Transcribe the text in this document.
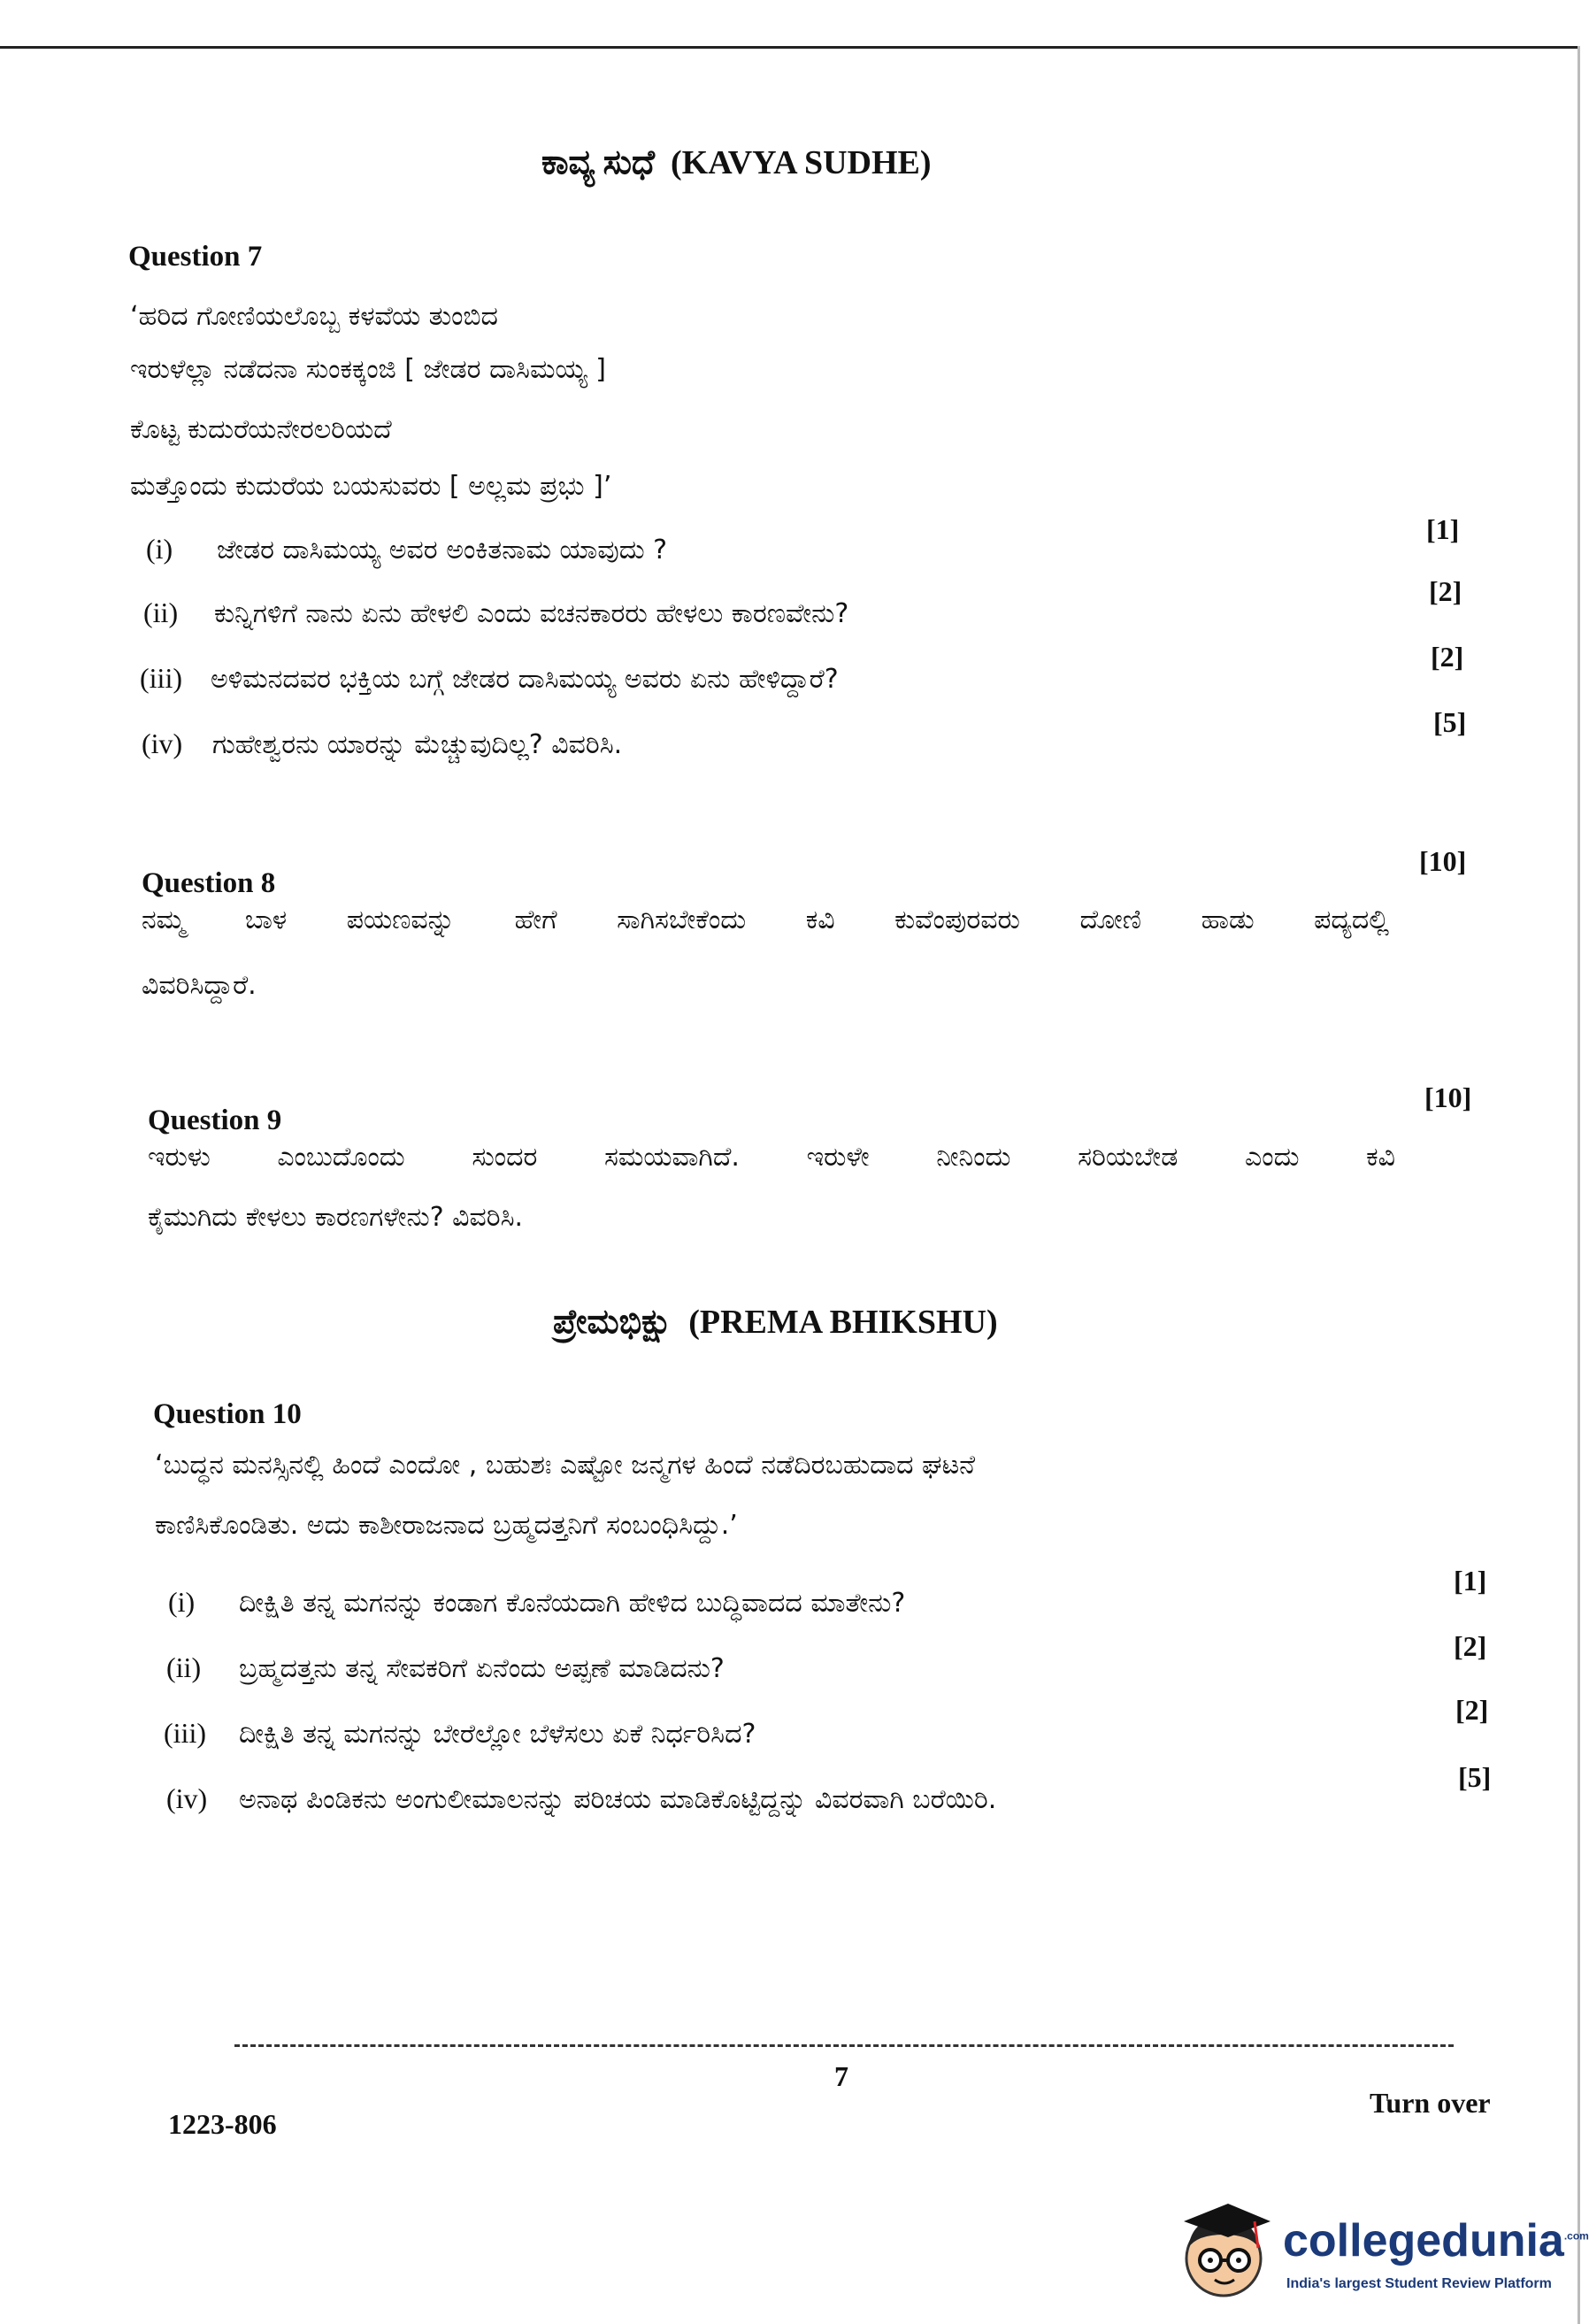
ಕಾವ್ಯ ಸುಧೆ (KAVYA SUDHE)
Question 7
‘ಹರಿದ ಗೋಣಿಯಲೊಬ್ಬ ಕಳವೆಯ ತುಂಬಿದ
ಇರುಳೆಲ್ಲಾ ನಡೆದನಾ ಸುಂಕಕ್ಕಂಜಿ [ ಜೇಡರ ದಾಸಿಮಯ್ಯ ]
ಕೊಟ್ಟ ಕುದುರೆಯನೇರಲರಿಯದೆ
ಮತ್ತೊಂದು ಕುದುರೆಯ ಬಯಸುವರು [ ಅಲ್ಲಮ ಪ್ರಭು ]’
(i) ಜೇಡರ ದಾಸಿಮಯ್ಯ ಅವರ ಅಂಕಿತನಾಮ ಯಾವುದು ?
[1]
(ii) ಕುನ್ನಿಗಳಿಗೆ ನಾನು ಏನು ಹೇಳಲಿ ಎಂದು ವಚನಕಾರರು ಹೇಳಲು ಕಾರಣವೇನು?
[2]
(iii) ಅಳಿಮನದವರ ಭಕ್ತಿಯ ಬಗ್ಗೆ ಜೇಡರ ದಾಸಿಮಯ್ಯ ಅವರು ಏನು ಹೇಳಿದ್ದಾರೆ?
[2]
(iv) ಗುಹೇಶ್ವರನು ಯಾರನ್ನು ಮೆಚ್ಚುವುದಿಲ್ಲ? ವಿವರಿಸಿ.
[5]
[10]
Question 8
ನಮ್ಮ ಬಾಳ ಪಯಣವನ್ನು ಹೇಗೆ ಸಾಗಿಸಬೇಕೆಂದು ಕವಿ ಕುವೆಂಪುರವರು ದೋಣಿ ಹಾಡು ಪದ್ಯದಲ್ಲಿ
ವಿವರಿಸಿದ್ದಾರೆ.
[10]
Question 9
ಇರುಳು ಎಂಬುದೊಂದು ಸುಂದರ ಸಮಯವಾಗಿದೆ. ಇರುಳೇ ನೀನಿಂದು ಸರಿಯಬೇಡ ಎಂದು ಕವಿ
ಕೈಮುಗಿದು ಕೇಳಲು ಕಾರಣಗಳೇನು? ವಿವರಿಸಿ.
ಪ್ರೇಮಭಿಕ್ಷು (PREMA BHIKSHU)
Question 10
‘ಬುದ್ಧನ ಮನಸ್ಸಿನಲ್ಲಿ ಹಿಂದೆ ಎಂದೋ , ಬಹುಶಃ ಎಷ್ಟೋ ಜನ್ಮಗಳ ಹಿಂದೆ ನಡೆದಿರಬಹುದಾದ ಘಟನೆ
ಕಾಣಿಸಿಕೊಂಡಿತು. ಅದು ಕಾಶೀರಾಜನಾದ ಬ್ರಹ್ಮದತ್ತನಿಗೆ ಸಂಬಂಧಿಸಿದ್ದು.’
(i) ದೀಕ್ಷಿತಿ ತನ್ನ ಮಗನನ್ನು ಕಂಡಾಗ ಕೊನೆಯದಾಗಿ ಹೇಳಿದ ಬುದ್ಧಿವಾದದ ಮಾತೇನು?
[1]
(ii) ಬ್ರಹ್ಮದತ್ತನು ತನ್ನ ಸೇವಕರಿಗೆ ಏನೆಂದು ಅಪ್ಪಣೆ ಮಾಡಿದನು?
[2]
(iii) ದೀಕ್ಷಿತಿ ತನ್ನ ಮಗನನ್ನು ಬೇರೆಲ್ಲೋ ಬೆಳೆಸಲು ಏಕೆ ನಿರ್ಧರಿಸಿದ?
[2]
(iv) ಅನಾಥ ಪಿಂಡಿಕನು ಅಂಗುಲೀಮಾಲನನ್ನು ಪರಿಚಯ ಮಾಡಿಕೊಟ್ಟಿದ್ದನ್ನು ವಿವರವಾಗಿ ಬರೆಯಿರಿ.
[5]
7
Turn over
1223-806
collegedunia$^{.com}$
India's largest Student Review Platform
